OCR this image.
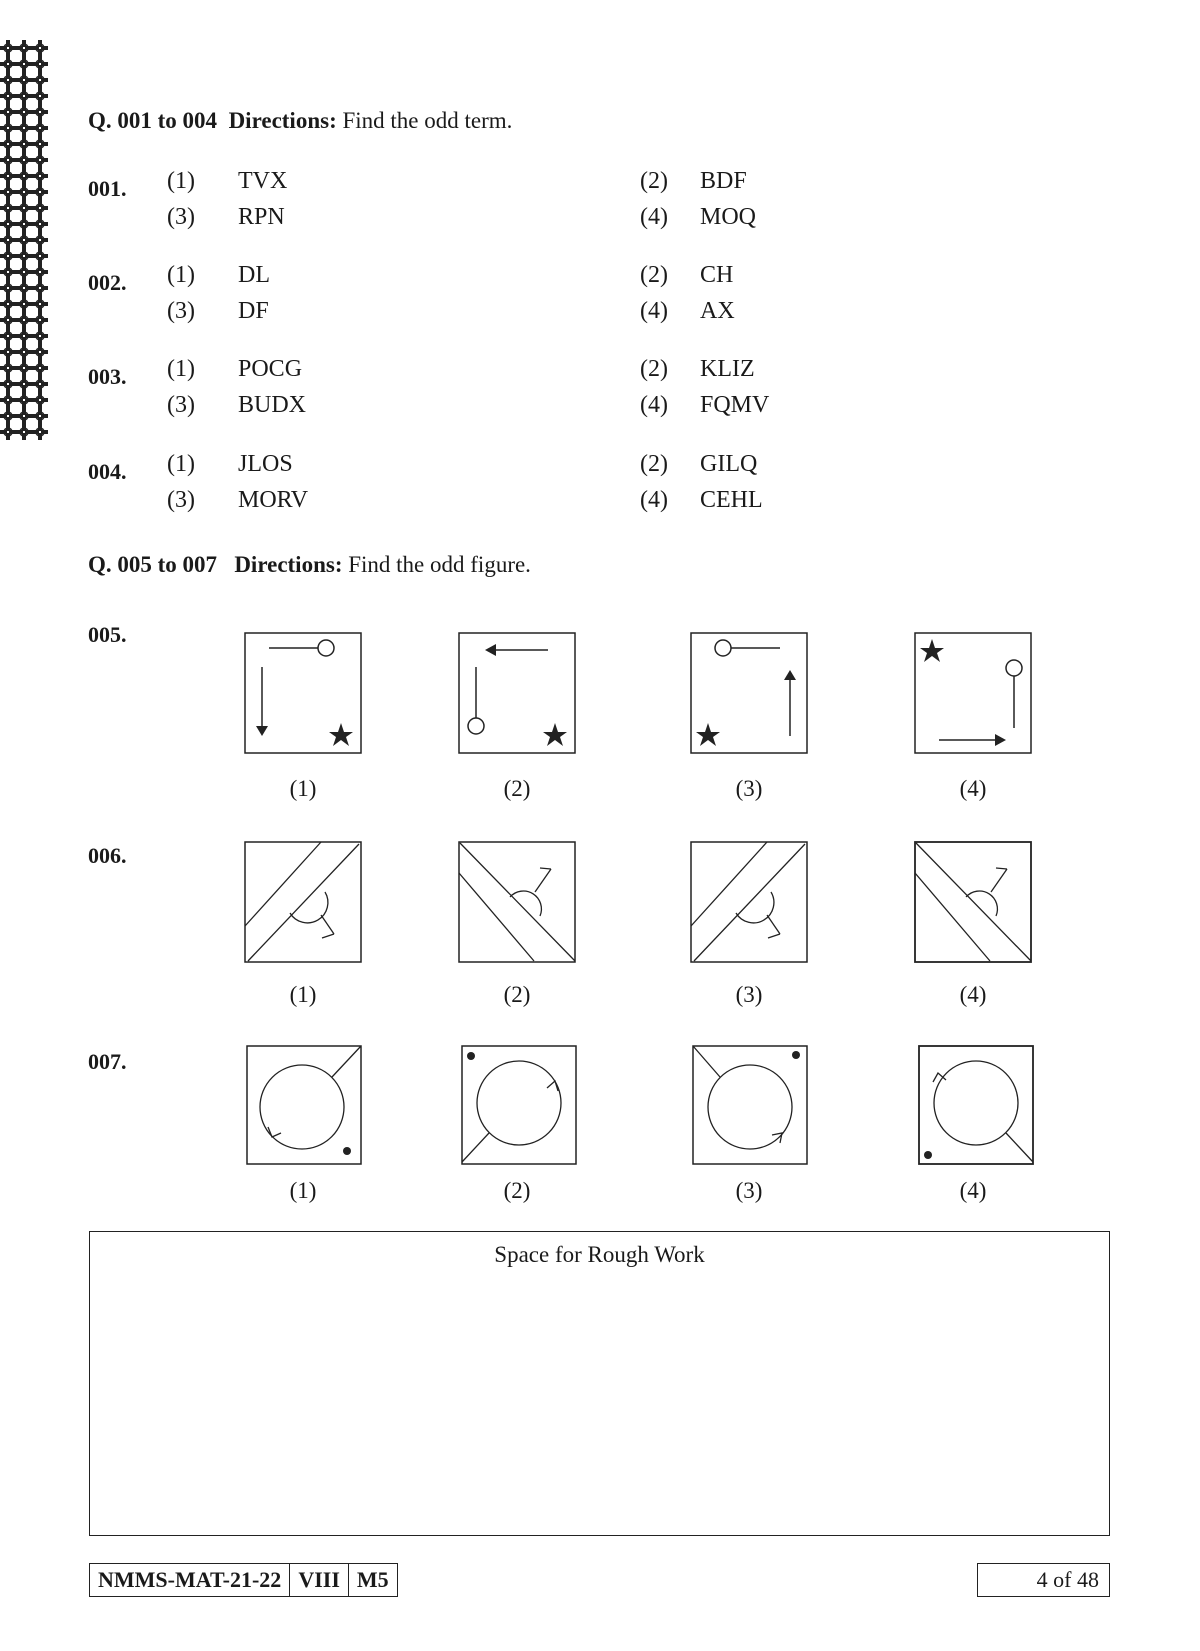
Q. 001 to 004 Directions: Find the odd term.
001. (1) TVX	(2) BDF
(3) RPN	(4) MOQ
002. (1) DL	(2) CH
(3) DF	(4) AX
003. (1) POCG	(2) KLIZ
(3) BUDX	(4) FQMV
004. (1) JLOS	(2) GILQ
(3) MORV	(4) CEHL
Q. 005 to 007 Directions: Find the odd figure.
005.
(1)	(2)	(3)	(4)
006.
(1)	(2)	(3)	(4)
007.
(1)	(2)	(3)	(4)
Space for Rough Work
NMMS-MAT-21-22 VIII M5	4 of 48
